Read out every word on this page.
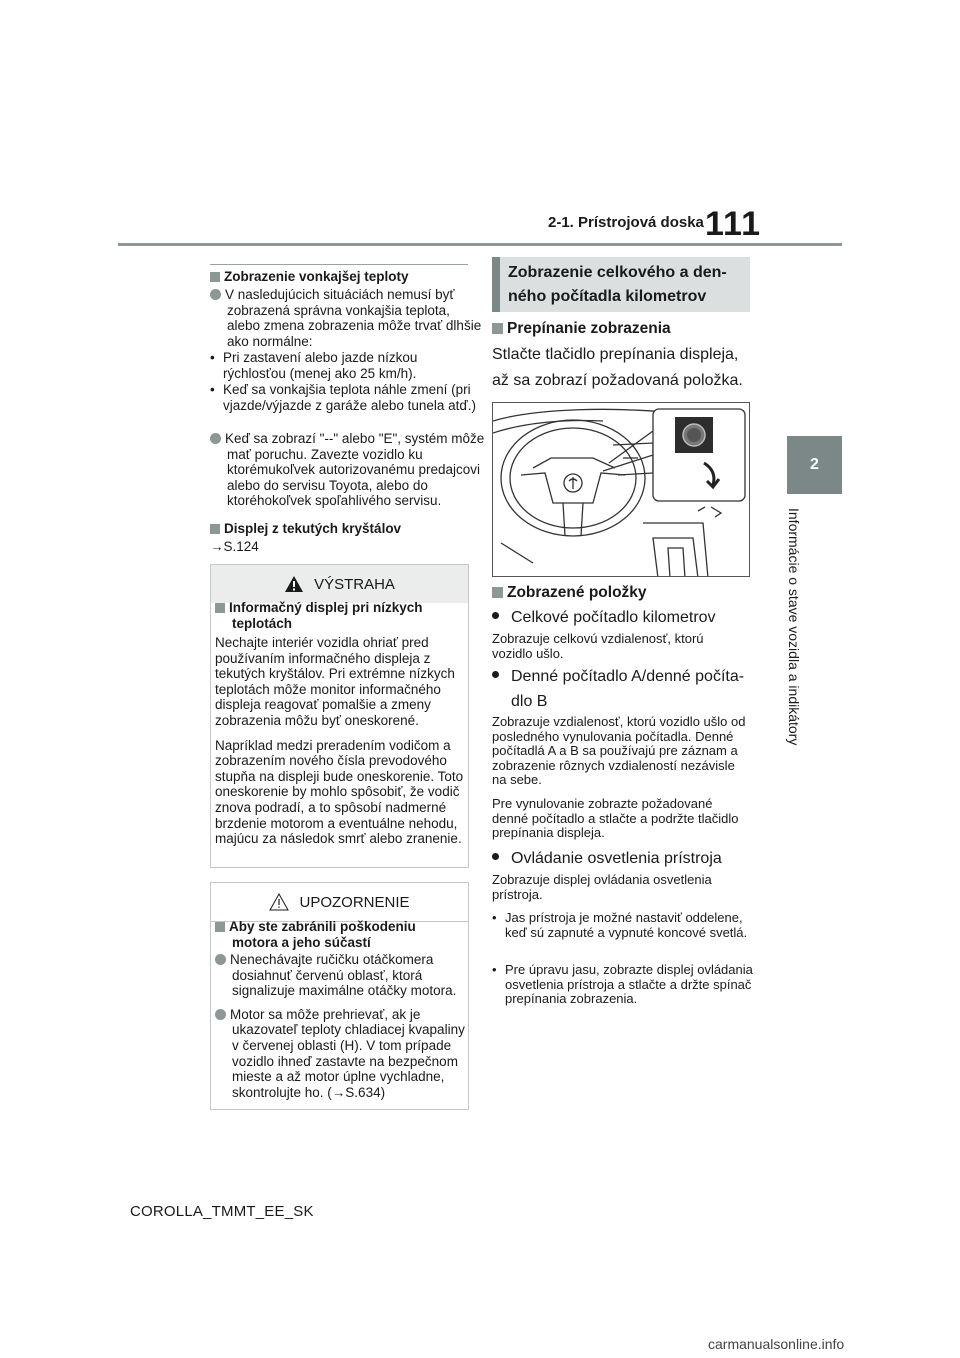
2-1. Prístrojová doska 111
2
Informácie o stave vozidla a indikátory
Zobrazenie vonkajšej teploty
V nasledujúcich situáciách nemusí byť zobrazená správna vonkajšia teplota, alebo zmena zobrazenia môže trvať dlhšie ako normálne:
• Pri zastavení alebo jazde nízkou rýchlosťou (menej ako 25 km/h).
• Keď sa vonkajšia teplota náhle zmení (pri vjazde/výjazde z garáže alebo tunela atď.)
Keď sa zobrazí "--" alebo "E", systém môže mať poruchu. Zavezte vozidlo ku ktorémukoľvek autorizovanému predajcovi alebo do servisu Toyota, alebo do ktoréhokoľvek spoľahlivého servisu.
Displej z tekutých kryštálov
→S.124
VÝSTRAHA
Informačný displej pri nízkych teplotách
Nechajte interiér vozidla ohriať pred používaním informačného displeja z tekutých kryštálov. Pri extrémne nízkych teplotách môže monitor informačného displeja reagovať pomalšie a zmeny zobrazenia môžu byť oneskorené.
Napríklad medzi preradením vodičom a zobrazením nového čísla prevodového stupňa na displeji bude oneskorenie. Toto oneskorenie by mohlo spôsobiť, že vodič znova podradí, a to spôsobí nadmerné brzdenie motorom a eventuálne nehodu, majúcu za následok smrť alebo zranenie.
UPOZORNENIE
Aby ste zabránili poškodeniu motora a jeho súčastí
Nenechávajte ručičku otáčkomera dosiahnuť červenú oblasť, ktorá signalizuje maximálne otáčky motora.
Motor sa môže prehrievať, ak je ukazovateľ teploty chladiacej kvapaliny v červenej oblasti (H). V tom prípade vozidlo ihneď zastavte na bezpečnom mieste a až motor úplne vychladne, skontrolujte ho. (→S.634)
Zobrazenie celkového a den-
ného počítadla kilometrov
Prepínanie zobrazenia
Stlačte tlačidlo prepínania displeja,
až sa zobrazí požadovaná položka.
Zobrazené položky
Celkové počítadlo kilometrov
Zobrazuje celkovú vzdialenosť, ktorú vozidlo ušlo.
Denné počítadlo A/denné počíta-
dlo B
Zobrazuje vzdialenosť, ktorú vozidlo ušlo od posledného vynulovania počítadla. Denné počítadlá A a B sa používajú pre záznam a zobrazenie rôznych vzdialeností nezávisle na sebe.
Pre vynulovanie zobrazte požadované denné počítadlo a stlačte a podržte tlačidlo prepínania displeja.
Ovládanie osvetlenia prístroja
Zobrazuje displej ovládania osvetlenia prístroja.
• Jas prístroja je možné nastaviť oddelene, keď sú zapnuté a vypnuté koncové svetlá.
• Pre úpravu jasu, zobrazte displej ovládania osvetlenia prístroja a stlačte a držte spínač prepínania zobrazenia.
COROLLA_TMMT_EE_SK
carmanualsonline.info
